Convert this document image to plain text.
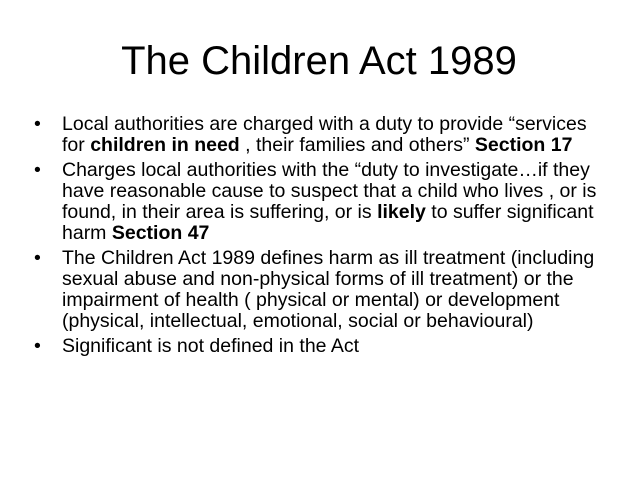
The Children Act 1989
•	Local authorities are charged with a duty to provide “services for children in need , their families and others” Section 17
•	Charges local authorities with the “duty to investigate…if they have reasonable cause to suspect that a child who lives , or is found, in their area is suffering, or is likely to suffer significant harm Section 47
•	The Children Act 1989 defines harm as ill treatment (including sexual abuse and non-physical forms of ill treatment) or the impairment of health ( physical or mental) or development (physical, intellectual, emotional, social or behavioural)
•	Significant is not defined in the Act
